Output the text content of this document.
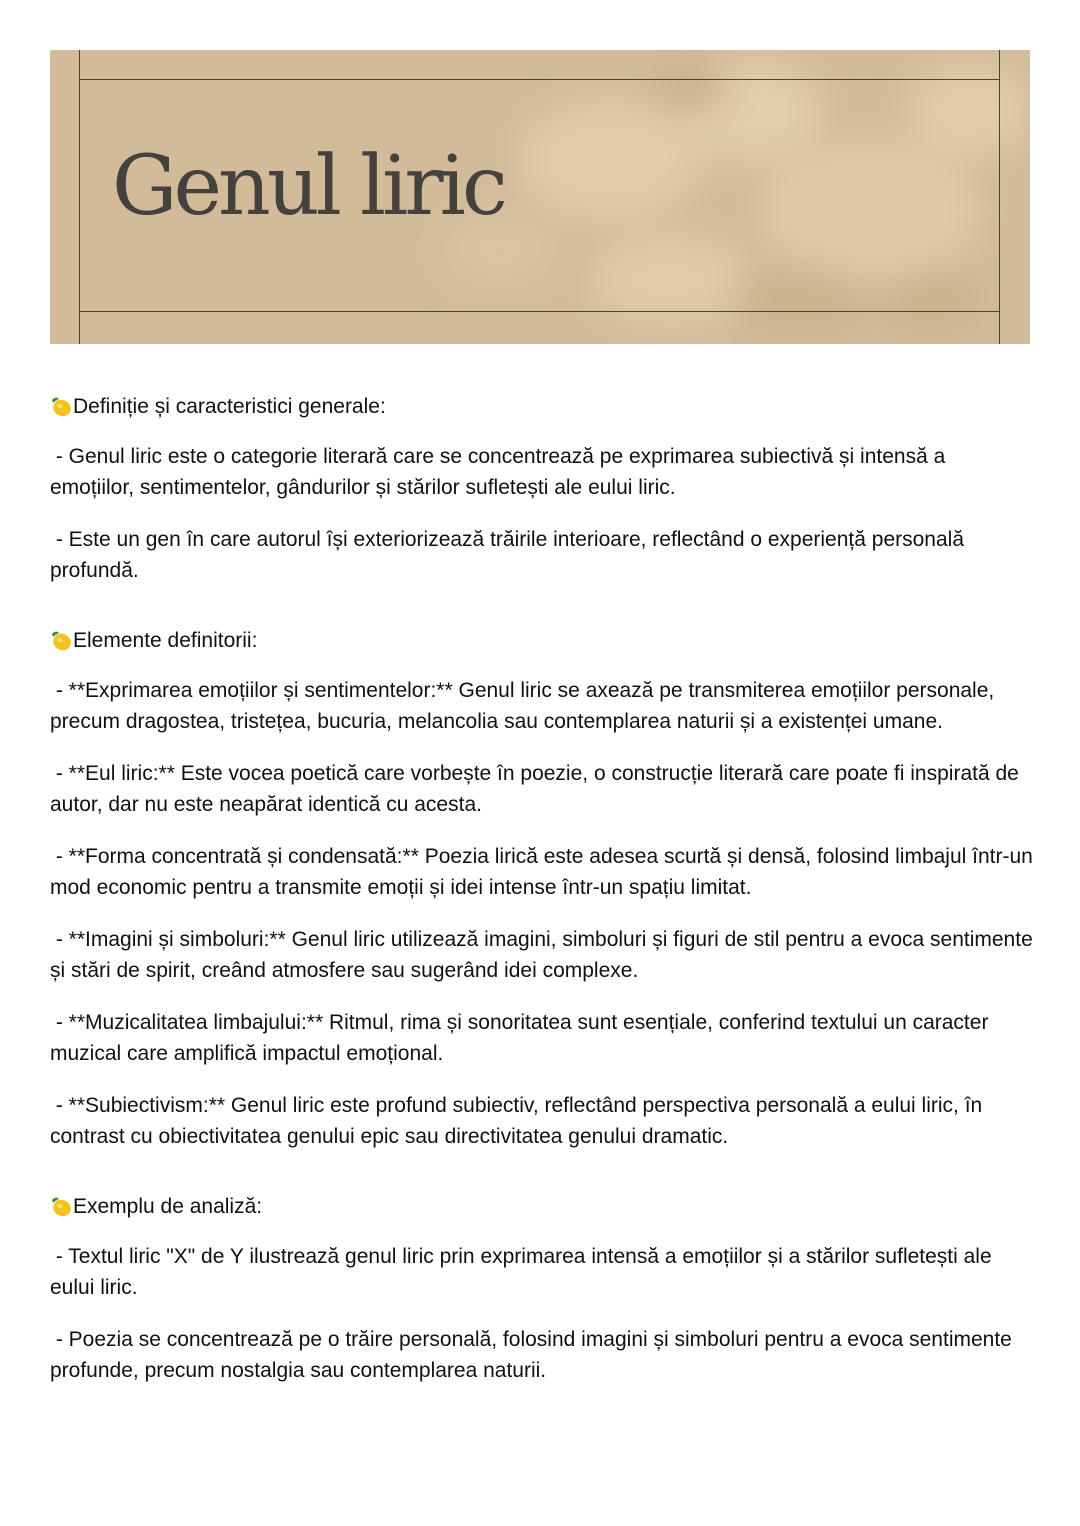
Genul liric
Definiție și caracteristici generale:

- Genul liric este o categorie literară care se concentrează pe exprimarea subiectivă și intensă a emoțiilor, sentimentelor, gândurilor și stărilor sufletești ale eului liric.

- Este un gen în care autorul își exteriorizează trăirile interioare, reflectând o experiență personală profundă.

Elemente definitorii:

- **Exprimarea emoțiilor și sentimentelor:** Genul liric se axează pe transmiterea emoțiilor personale, precum dragostea, tristețea, bucuria, melancolia sau contemplarea naturii și a existenței umane.

- **Eul liric:** Este vocea poetică care vorbește în poezie, o construcție literară care poate fi inspirată de autor, dar nu este neapărat identică cu acesta.

- **Forma concentrată și condensată:** Poezia lirică este adesea scurtă și densă, folosind limbajul într-un mod economic pentru a transmite emoții și idei intense într-un spațiu limitat.

- **Imagini și simboluri:** Genul liric utilizează imagini, simboluri și figuri de stil pentru a evoca sentimente și stări de spirit, creând atmosfere sau sugerând idei complexe.

- **Muzicalitatea limbajului:** Ritmul, rima și sonoritatea sunt esențiale, conferind textului un caracter muzical care amplifică impactul emoțional.

- **Subiectivism:** Genul liric este profund subiectiv, reflectând perspectiva personală a eului liric, în contrast cu obiectivitatea genului epic sau directivitatea genului dramatic.

Exemplu de analiză:

- Textul liric "X" de Y ilustrează genul liric prin exprimarea intensă a emoțiilor și a stărilor sufletești ale eului liric.

- Poezia se concentrează pe o trăire personală, folosind imagini și simboluri pentru a evoca sentimente profunde, precum nostalgia sau contemplarea naturii.
